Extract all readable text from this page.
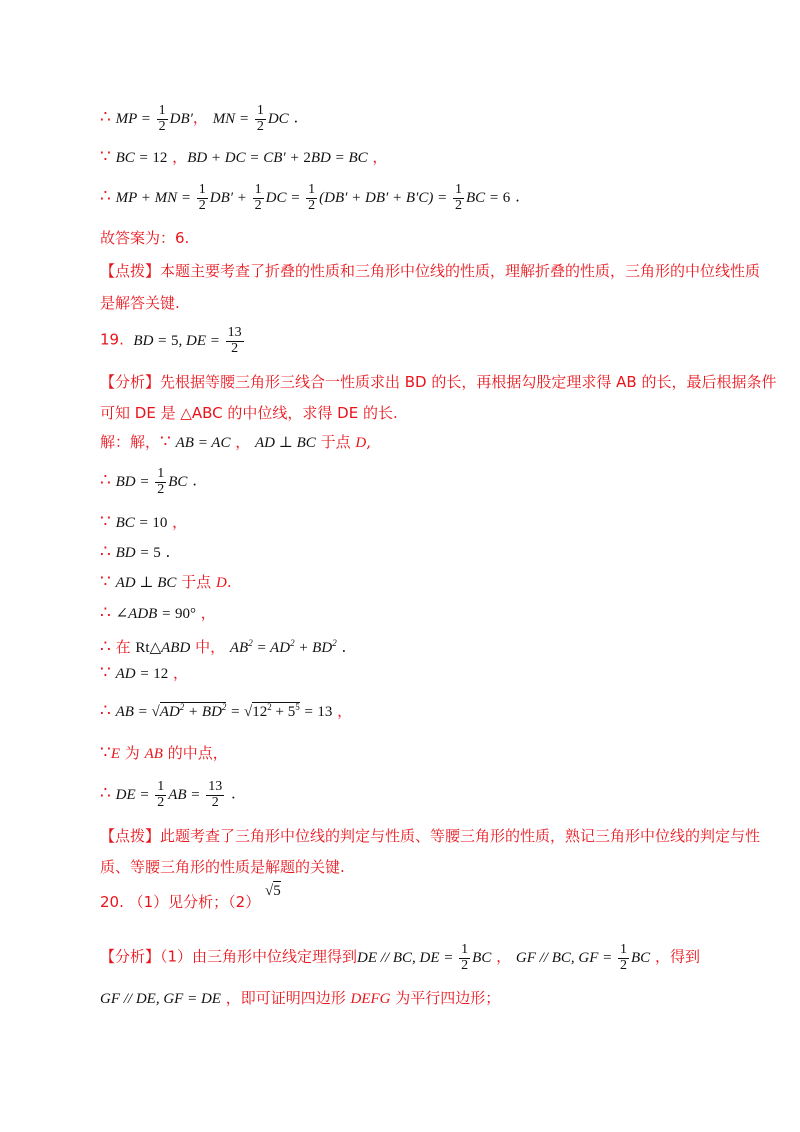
∴ MP = $\frac{1}{2} DB'$， MN = $\frac{1}{2}$ DC .
∵ BC = 12 ，BD + DC = CB′ + 2BD = BC ，
∴ MP + MN = $\frac{1}{2} DB' + \frac{1}{2}$ DC = $\frac{1}{2} (DB' + DB' + B'C) = \frac{1}{2}$ BC = 6 .
故答案为：6.
【点拨】本题主要考查了折叠的性质和三角形中位线的性质，理解折叠的性质，三角形的中位线性质
是解答关键.
19. BD = 5, DE = $\frac{13}{2}$
【分析】先根据等腰三角形三线合一性质求出 BD 的长，再根据勾股定理求得 AB 的长，最后根据条件
可知 DE 是 △ABC 的中位线，求得 DE 的长.
解：解，∵ AB = AC ， AD ⊥ BC 于点 D,
∴ BD = $\frac{1}{2}$ BC .
∵ BC = 10 ，
∴ BD = 5 .
∵ AD ⊥ BC 于点 D.
∴ ∠ADB = 90° ，
∴ 在 Rt△ABD 中， $AB^2 = AD^2 + BD^2$ .
∵ AD = 12 ，
∴ AB = $√AD^2 + BD^2 = √12^2 + 5^5 = 13$ ，
∵E 为 AB 的中点，
∴ DE = $\frac{1}{2}$ AB = $\frac{13}{2}$ .
【点拨】此题考查了三角形中位线的判定与性质、等腰三角形的性质，熟记三角形中位线的判定与性
质、等腰三角形的性质是解题的关键.
20. （1）见分析；（2） √5
【分析】（1）由三角形中位线定理得到DE // BC, DE = $\frac{1}{2}$ BC ， GF // BC, GF = $\frac{1}{2}$ BC ，得到
GF // DE, GF = DE ，即可证明四边形 DEFG 为平行四边形；
